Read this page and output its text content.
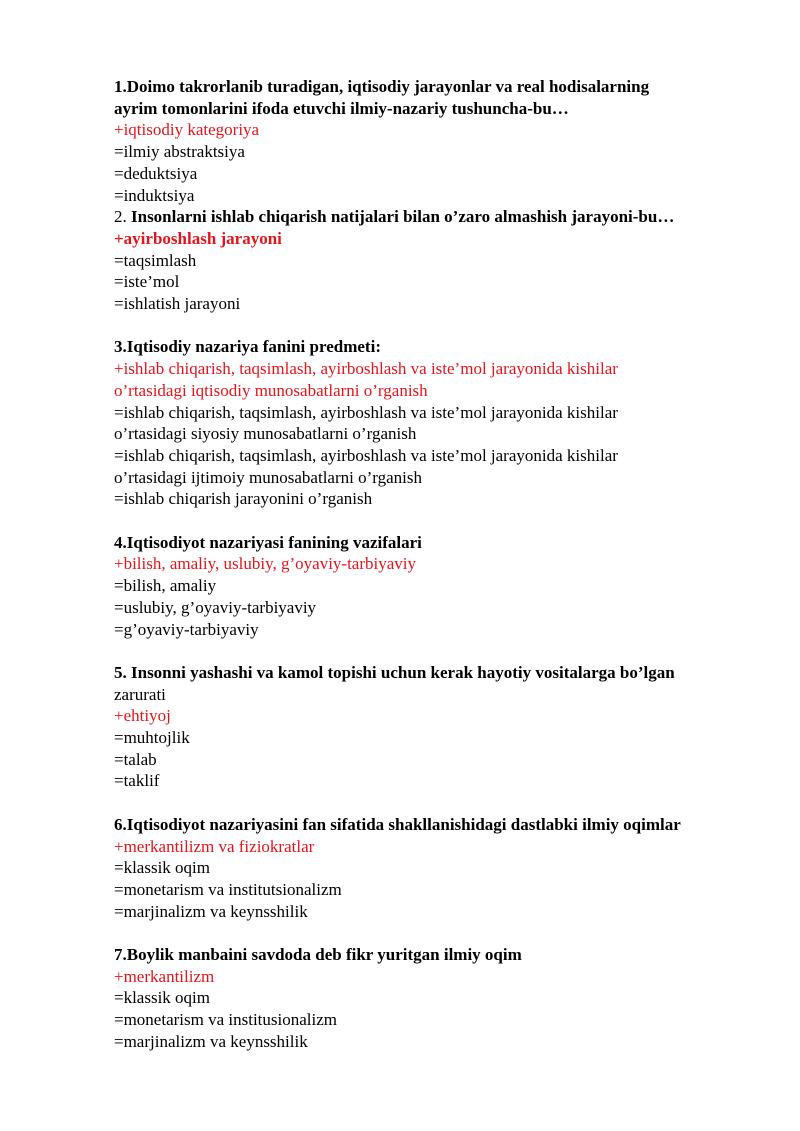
1.Doimo takrorlanib turadigan, iqtisodiy jarayonlar va real hodisalarning
ayrim tomonlarini ifoda etuvchi ilmiy-nazariy tushuncha-bu…
+iqtisodiy kategoriya
=ilmiy abstraktsiya
=deduktsiya
=induktsiya
2. Insonlarni ishlab chiqarish natijalari bilan o’zaro almashish jarayoni-bu…
+ayirboshlash jarayoni
=taqsimlash
=iste’mol
=ishlatish jarayoni
3.Iqtisodiy nazariya fanini predmeti:
+ishlab chiqarish, taqsimlash, ayirboshlash va iste’mol jarayonida kishilar
o’rtasidagi iqtisodiy munosabatlarni o’rganish
=ishlab chiqarish, taqsimlash, ayirboshlash va iste’mol jarayonida kishilar
o’rtasidagi siyosiy munosabatlarni o’rganish
=ishlab chiqarish, taqsimlash, ayirboshlash va iste’mol jarayonida kishilar
o’rtasidagi ijtimoiy munosabatlarni o’rganish
=ishlab chiqarish jarayonini o’rganish
4.Iqtisodiyot nazariyasi fanining vazifalari
+bilish, amaliy, uslubiy, g’oyaviy-tarbiyaviy
=bilish, amaliy
=uslubiy, g’oyaviy-tarbiyaviy
=g’oyaviy-tarbiyaviy
5. Insonni yashashi va kamol topishi uchun kerak hayotiy vositalarga bo’lgan
zarurati
+ehtiyoj
=muhtojlik
=talab
=taklif
6.Iqtisodiyot nazariyasini fan sifatida shakllanishidagi dastlabki ilmiy oqimlar
+merkantilizm va fiziokratlar
=klassik oqim
=monetarism va institutsionalizm
=marjinalizm va keynsshilik
7.Boylik manbaini savdoda deb fikr yuritgan ilmiy oqim
+merkantilizm
=klassik oqim
=monetarism va institusionalizm
=marjinalizm va keynsshilik
